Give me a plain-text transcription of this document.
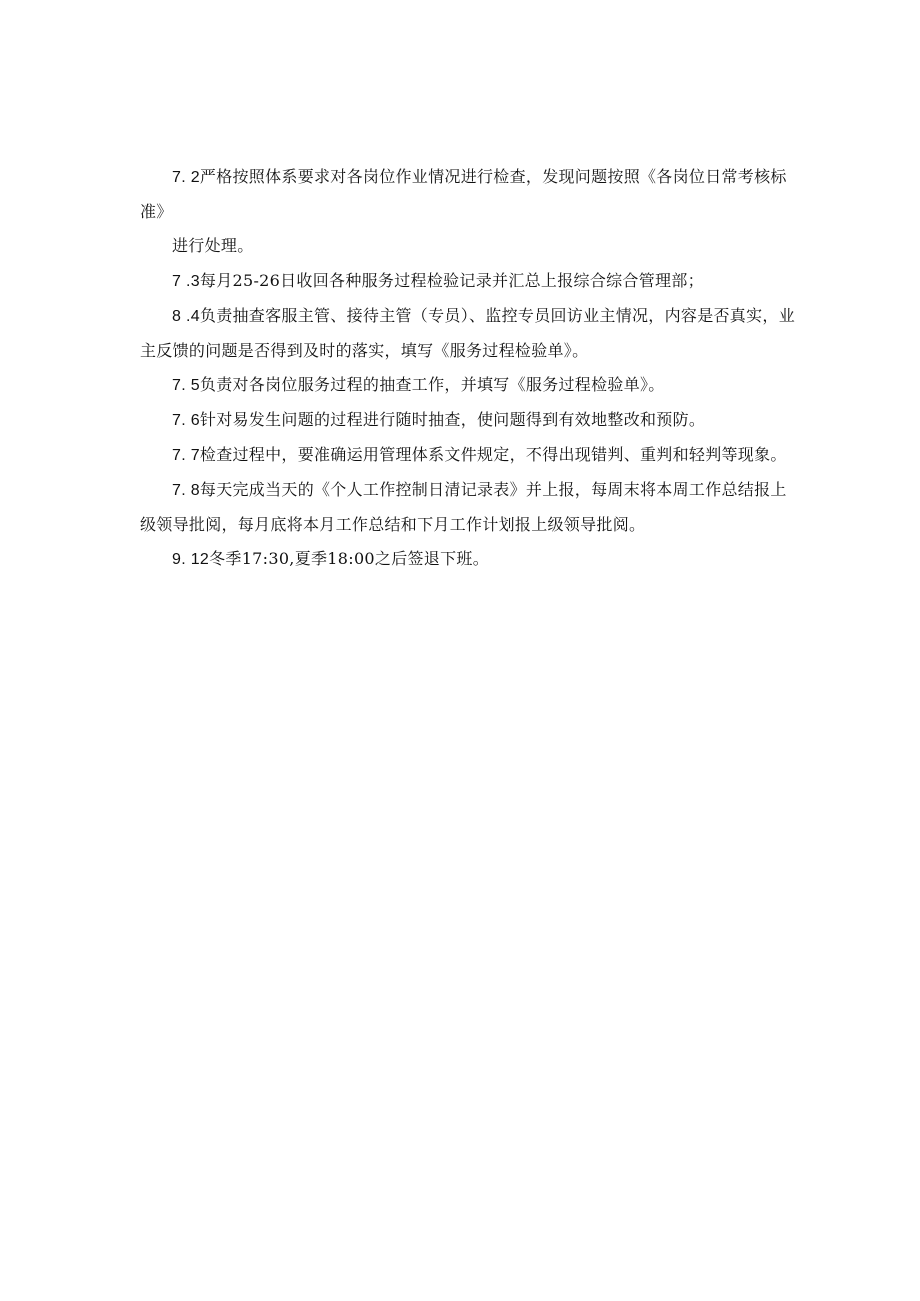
7. 2严格按照体系要求对各岗位作业情况进行检查，发现问题按照《各岗位日常考核标准》

进行处理。

7 .3每月25-26日收回各种服务过程检验记录并汇总上报综合综合管理部；

8 .4负责抽查客服主管、接待主管（专员）、监控专员回访业主情况，内容是否真实，业主反馈的问题是否得到及时的落实，填写《服务过程检验单》。

7. 5负责对各岗位服务过程的抽查工作，并填写《服务过程检验单》。

7. 6针对易发生问题的过程进行随时抽查，使问题得到有效地整改和预防。

7. 7检查过程中，要准确运用管理体系文件规定，不得出现错判、重判和轻判等现象。

7. 8每天完成当天的《个人工作控制日清记录表》并上报，每周末将本周工作总结报上级领导批阅，每月底将本月工作总结和下月工作计划报上级领导批阅。

9. 12冬季17:30,夏季18:00之后签退下班。
